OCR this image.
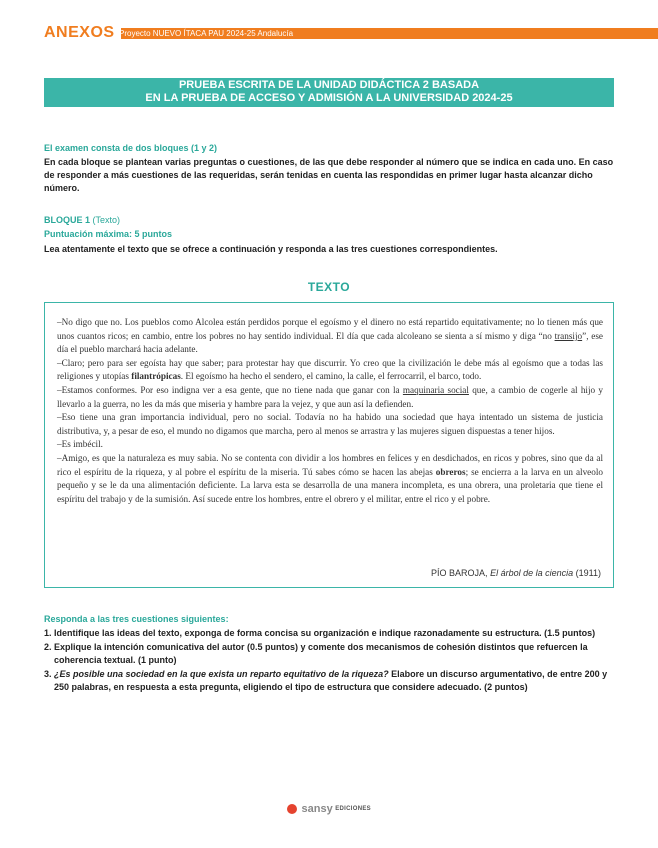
ANEXOS Proyecto NUEVO ÍTACA PAU 2024-25 Andalucía
PRUEBA ESCRITA DE LA UNIDAD DIDÁCTICA 2 BASADA
EN LA PRUEBA DE ACCESO Y ADMISIÓN A LA UNIVERSIDAD 2024-25
El examen consta de dos bloques (1 y 2)
En cada bloque se plantean varias preguntas o cuestiones, de las que debe responder al número que se indica en cada uno. En caso de responder a más cuestiones de las requeridas, serán tenidas en cuenta las respondidas en primer lugar hasta alcanzar dicho número.
BLOQUE 1 (Texto)
Puntuación máxima: 5 puntos
Lea atentamente el texto que se ofrece a continuación y responda a las tres cuestiones correspondientes.
TEXTO

–No digo que no. Los pueblos como Alcolea están perdidos porque el egoísmo y el dinero no está repartido equitativamente; no lo tienen más que unos cuantos ricos; en cambio, entre los pobres no hay sentido individual. El día que cada alcoleano se sienta a sí mismo y diga “no transijo”, ese día el pueblo marchará hacia adelante.

–Claro; pero para ser egoísta hay que saber; para protestar hay que discurrir. Yo creo que la civilización le debe más al egoísmo que a todas las religiones y utopías filantrópicas. El egoísmo ha hecho el sendero, el camino, la calle, el ferrocarril, el barco, todo.

–Estamos conformes. Por eso indigna ver a esa gente, que no tiene nada que ganar con la maquinaria social que, a cambio de cogerle al hijo y llevarlo a la guerra, no les da más que miseria y hambre para la vejez, y que aun así la defienden.

–Eso tiene una gran importancia individual, pero no social. Todavía no ha habido una sociedad que haya intentado un sistema de justicia distributiva, y, a pesar de eso, el mundo no digamos que marcha, pero al menos se arrastra y las mujeres siguen dispuestas a tener hijos.

–Es imbécil.

–Amigo, es que la naturaleza es muy sabia. No se contenta con dividir a los hombres en felices y en desdichados, en ricos y pobres, sino que da al rico el espíritu de la riqueza, y al pobre el espíritu de la miseria. Tú sabes cómo se hacen las abejas obreros; se encierra a la larva en un alveolo pequeño y se le da una alimentación deficiente. La larva esta se desarrolla de una manera incompleta, es una obrera, una proletaria que tiene el espíritu del trabajo y de la sumisión. Así sucede entre los hombres, entre el obrero y el militar, entre el rico y el pobre.

PÍO BAROJA, El árbol de la ciencia (1911)
Responda a las tres cuestiones siguientes:
1. Identifique las ideas del texto, exponga de forma concisa su organización e indique razonadamente su estructura. (1.5 puntos)
2. Explique la intención comunicativa del autor (0.5 puntos) y comente dos mecanismos de cohesión distintos que refuercen la coherencia textual. (1 punto)
3. ¿Es posible una sociedad en la que exista un reparto equitativo de la riqueza? Elabore un discurso argumentativo, de entre 200 y 250 palabras, en respuesta a esta pregunta, eligiendo el tipo de estructura que considere adecuado. (2 puntos)
sansy EDICIONES
